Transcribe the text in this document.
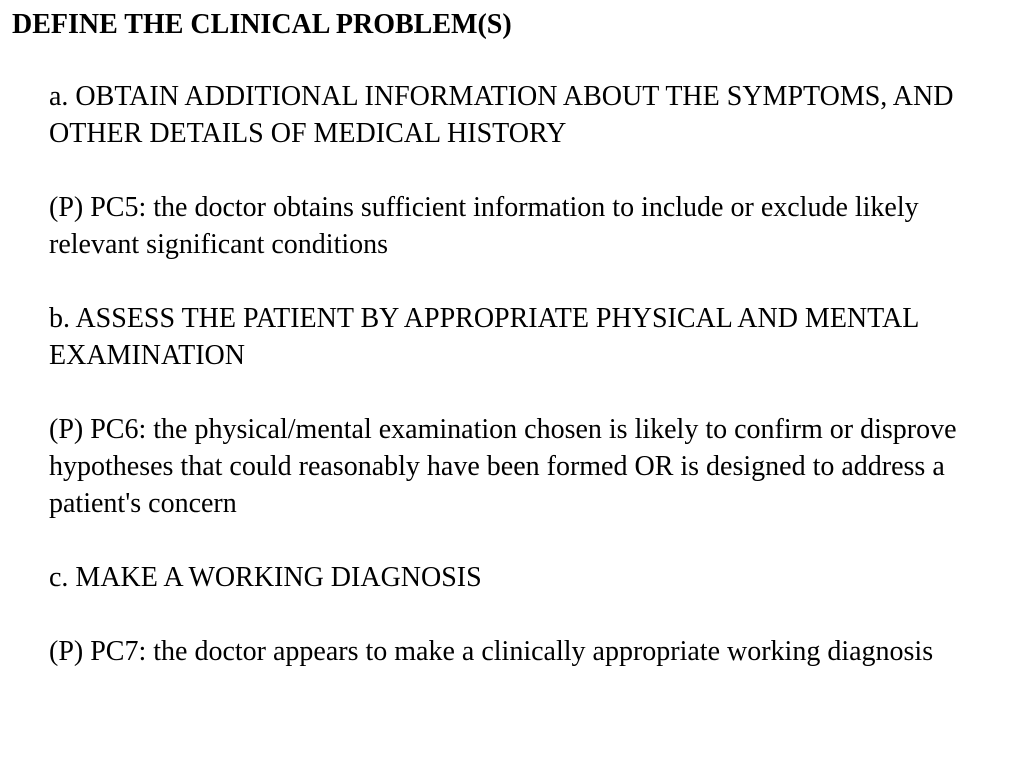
DEFINE THE CLINICAL PROBLEM(S)

a. OBTAIN ADDITIONAL INFORMATION ABOUT THE SYMPTOMS, AND OTHER DETAILS OF MEDICAL HISTORY

(P) PC5: the doctor obtains sufficient information to include or exclude likely relevant significant conditions

b. ASSESS THE PATIENT BY APPROPRIATE PHYSICAL AND MENTAL EXAMINATION

(P) PC6: the physical/mental examination chosen is likely to confirm or disprove hypotheses that could reasonably have been formed OR is designed to address a patient's concern

c. MAKE A WORKING DIAGNOSIS

(P) PC7: the doctor appears to make a clinically appropriate working diagnosis
